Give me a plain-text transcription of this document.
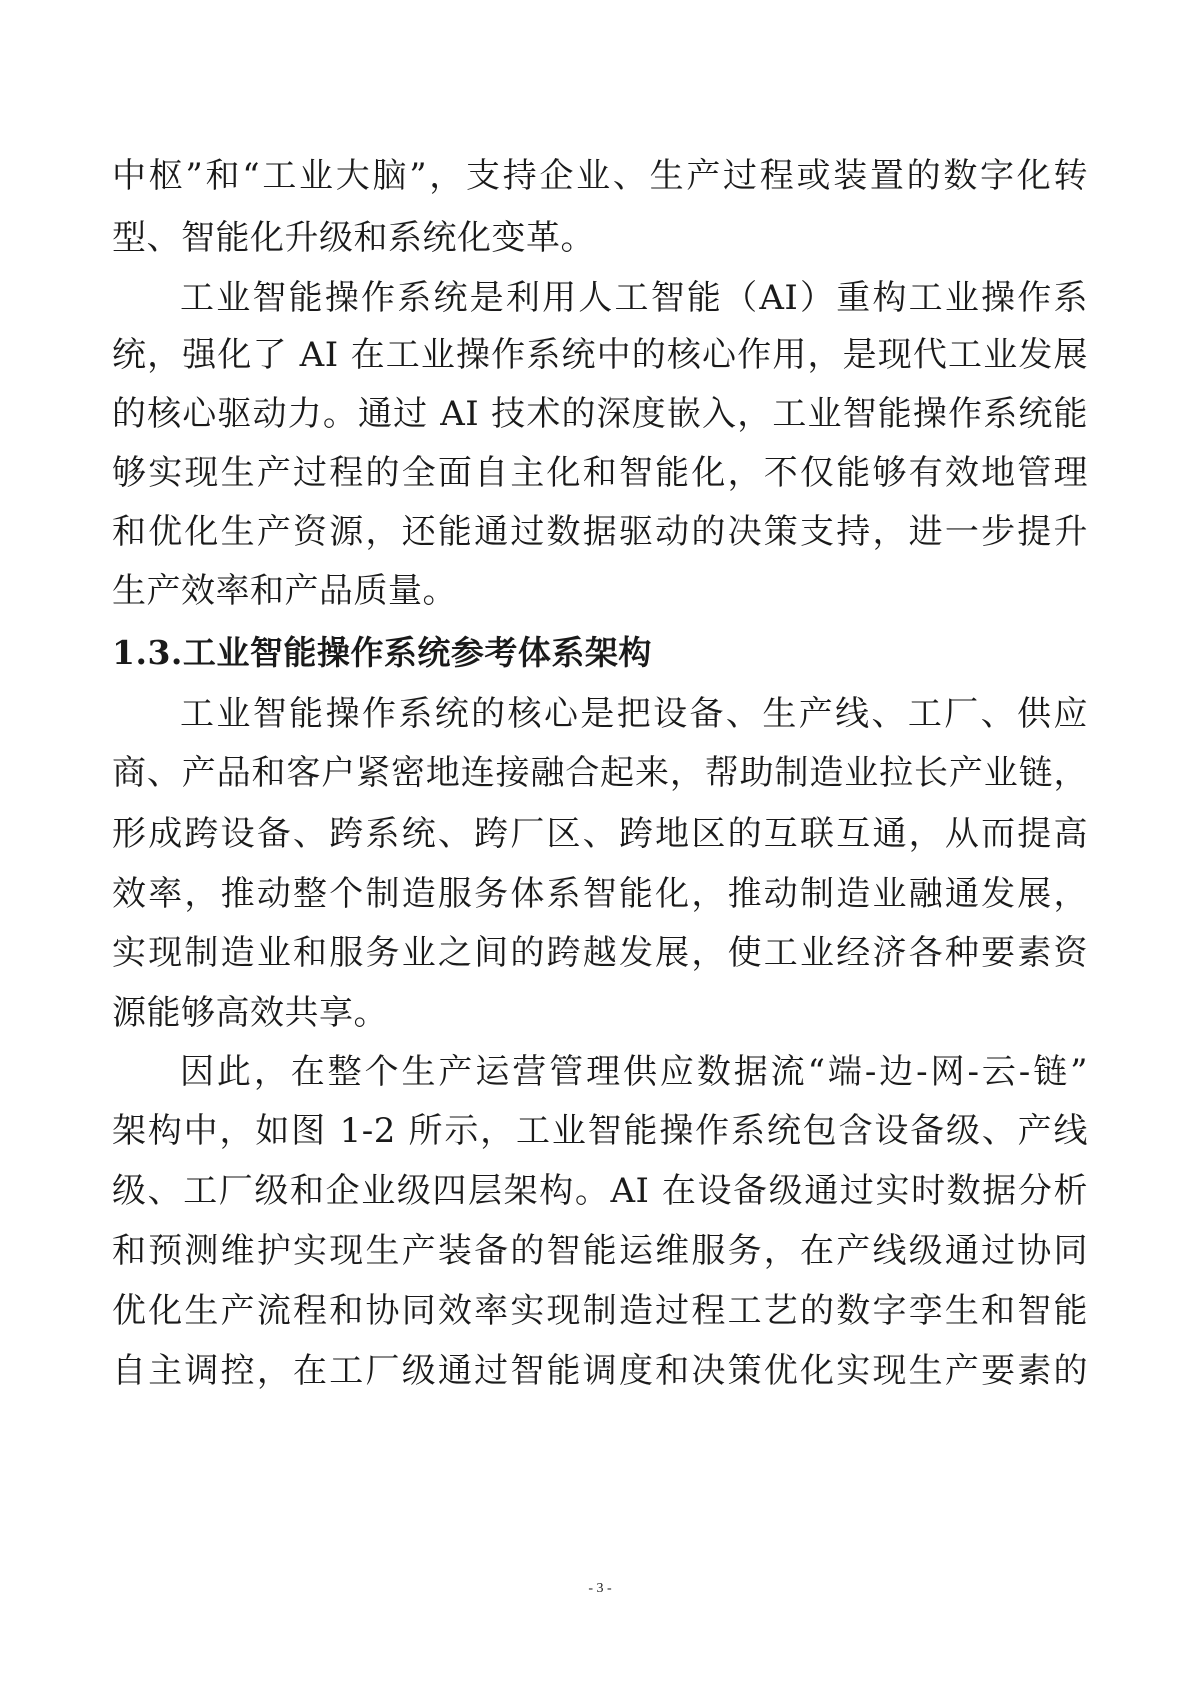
中枢”和“工业大脑”，支持企业、生产过程或装置的数字化转
型、智能化升级和系统化变革。
工业智能操作系统是利用人工智能（AI）重构工业操作系
统，强化了 AI 在工业操作系统中的核心作用，是现代工业发展
的核心驱动力。通过 AI 技术的深度嵌入，工业智能操作系统能
够实现生产过程的全面自主化和智能化，不仅能够有效地管理
和优化生产资源，还能通过数据驱动的决策支持，进一步提升
生产效率和产品质量。
1.3.工业智能操作系统参考体系架构
工业智能操作系统的核心是把设备、生产线、工厂、供应
商、产品和客户紧密地连接融合起来，帮助制造业拉长产业链，
形成跨设备、跨系统、跨厂区、跨地区的互联互通，从而提高
效率，推动整个制造服务体系智能化，推动制造业融通发展，
实现制造业和服务业之间的跨越发展，使工业经济各种要素资
源能够高效共享。
因此，在整个生产运营管理供应数据流“端-边-网-云-链”
架构中，如图 1-2 所示，工业智能操作系统包含设备级、产线
级、工厂级和企业级四层架构。AI 在设备级通过实时数据分析
和预测维护实现生产装备的智能运维服务，在产线级通过协同
优化生产流程和协同效率实现制造过程工艺的数字孪生和智能
自主调控，在工厂级通过智能调度和决策优化实现生产要素的
- 3 -
